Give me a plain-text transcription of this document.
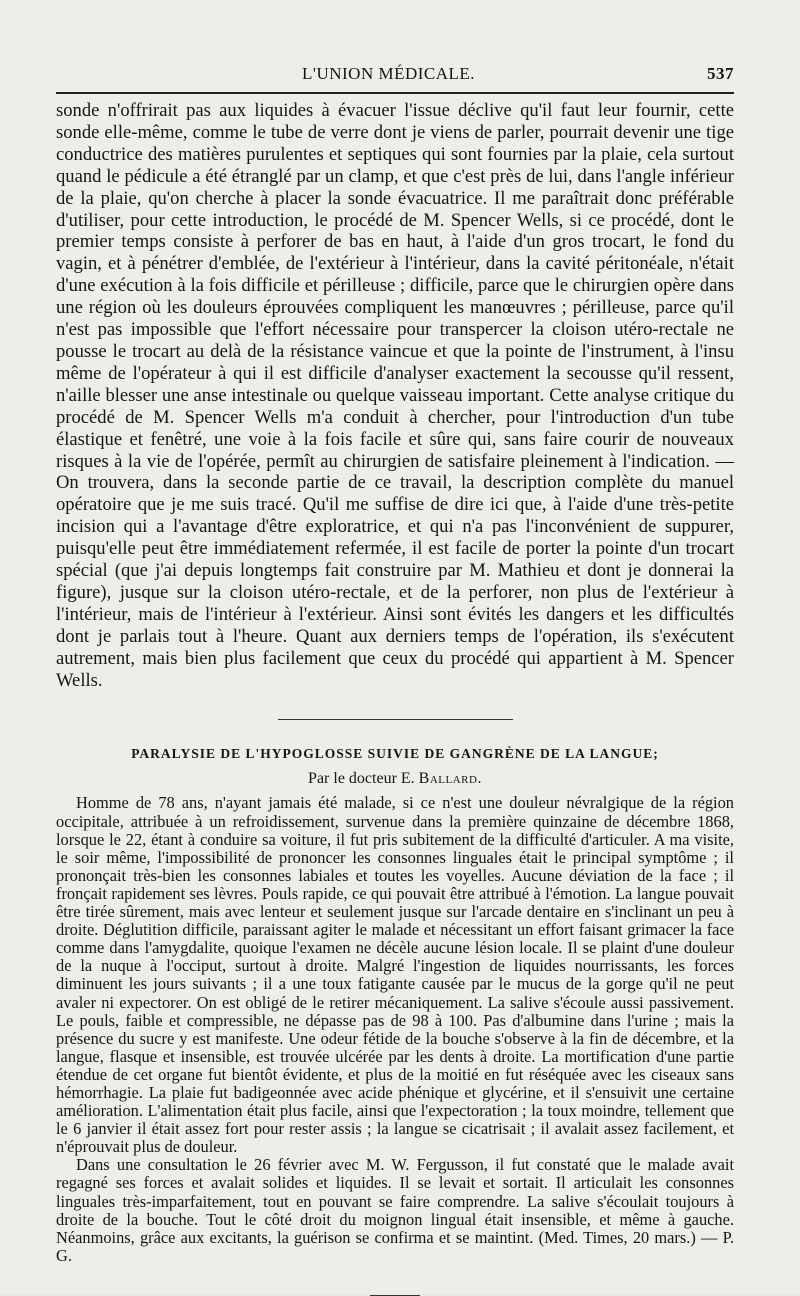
L'UNION MÉDICALE.	537

sonde n'offrirait pas aux liquides à évacuer l'issue déclive qu'il faut leur fournir, cette sonde elle-même, comme le tube de verre dont je viens de parler, pourrait devenir une tige conductrice des matières purulentes et septiques qui sont fournies par la plaie, cela surtout quand le pédicule a été étranglé par un clamp, et que c'est près de lui, dans l'angle inférieur de la plaie, qu'on cherche à placer la sonde évacuatrice. Il me paraîtrait donc préférable d'utiliser, pour cette introduction, le procédé de M. Spencer Wells, si ce procédé, dont le premier temps consiste à perforer de bas en haut, à l'aide d'un gros trocart, le fond du vagin, et à pénétrer d'emblée, de l'extérieur à l'intérieur, dans la cavité péritonéale, n'était d'une exécution à la fois difficile et périlleuse ; difficile, parce que le chirurgien opère dans une région où les douleurs éprouvées compliquent les manœuvres ; périlleuse, parce qu'il n'est pas impossible que l'effort nécessaire pour transpercer la cloison utéro-rectale ne pousse le trocart au delà de la résistance vaincue et que la pointe de l'instrument, à l'insu même de l'opérateur à qui il est difficile d'analyser exactement la secousse qu'il ressent, n'aille blesser une anse intestinale ou quelque vaisseau important. Cette analyse critique du procédé de M. Spencer Wells m'a conduit à chercher, pour l'introduction d'un tube élastique et fenêtré, une voie à la fois facile et sûre qui, sans faire courir de nouveaux risques à la vie de l'opérée, permît au chirurgien de satisfaire pleinement à l'indication. — On trouvera, dans la seconde partie de ce travail, la description complète du manuel opératoire que je me suis tracé. Qu'il me suffise de dire ici que, à l'aide d'une très-petite incision qui a l'avantage d'être exploratrice, et qui n'a pas l'inconvénient de suppurer, puisqu'elle peut être immédiatement refermée, il est facile de porter la pointe d'un trocart spécial (que j'ai depuis longtemps fait construire par M. Mathieu et dont je donnerai la figure), jusque sur la cloison utéro-rectale, et de la perforer, non plus de l'extérieur à l'intérieur, mais de l'intérieur à l'extérieur. Ainsi sont évités les dangers et les difficultés dont je parlais tout à l'heure. Quant aux derniers temps de l'opération, ils s'exécutent autrement, mais bien plus facilement que ceux du procédé qui appartient à M. Spencer Wells.

PARALYSIE DE L'HYPOGLOSSE SUIVIE DE GANGRÈNE DE LA LANGUE;
Par le docteur E. Ballard.

Homme de 78 ans, n'ayant jamais été malade, si ce n'est une douleur névralgique de la région occipitale, attribuée à un refroidissement, survenue dans la première quinzaine de décembre 1868, lorsque le 22, étant à conduire sa voiture, il fut pris subitement de la difficulté d'articuler. A ma visite, le soir même, l'impossibilité de prononcer les consonnes linguales était le principal symptôme ; il prononçait très-bien les consonnes labiales et toutes les voyelles. Aucune déviation de la face ; il fronçait rapidement ses lèvres. Pouls rapide, ce qui pouvait être attribué à l'émotion. La langue pouvait être tirée sûrement, mais avec lenteur et seulement jusque sur l'arcade dentaire en s'inclinant un peu à droite. Déglutition difficile, paraissant agiter le malade et nécessitant un effort faisant grimacer la face comme dans l'amygdalite, quoique l'examen ne décèle aucune lésion locale. Il se plaint d'une douleur de la nuque à l'occiput, surtout à droite. Malgré l'ingestion de liquides nourrissants, les forces diminuent les jours suivants ; il a une toux fatigante causée par le mucus de la gorge qu'il ne peut avaler ni expectorer. On est obligé de le retirer mécaniquement. La salive s'écoule aussi passivement. Le pouls, faible et compressible, ne dépasse pas de 98 à 100. Pas d'albumine dans l'urine ; mais la présence du sucre y est manifeste. Une odeur fétide de la bouche s'observe à la fin de décembre, et la langue, flasque et insensible, est trouvée ulcérée par les dents à droite. La mortification d'une partie étendue de cet organe fut bientôt évidente, et plus de la moitié en fut réséquée avec les ciseaux sans hémorrhagie. La plaie fut badigeonnée avec acide phénique et glycérine, et il s'ensuivit une certaine amélioration. L'alimentation était plus facile, ainsi que l'expectoration ; la toux moindre, tellement que le 6 janvier il était assez fort pour rester assis ; la langue se cicatrisait ; il avalait assez facilement, et n'éprouvait plus de douleur.

Dans une consultation le 26 février avec M. W. Fergusson, il fut constaté que le malade avait regagné ses forces et avalait solides et liquides. Il se levait et sortait. Il articulait les consonnes linguales très-imparfaitement, tout en pouvant se faire comprendre. La salive s'écoulait toujours à droite de la bouche. Tout le côté droit du moignon lingual était insensible, et même à gauche. Néanmoins, grâce aux excitants, la guérison se confirma et se maintint. (Med. Times, 20 mars.) — P. G.
